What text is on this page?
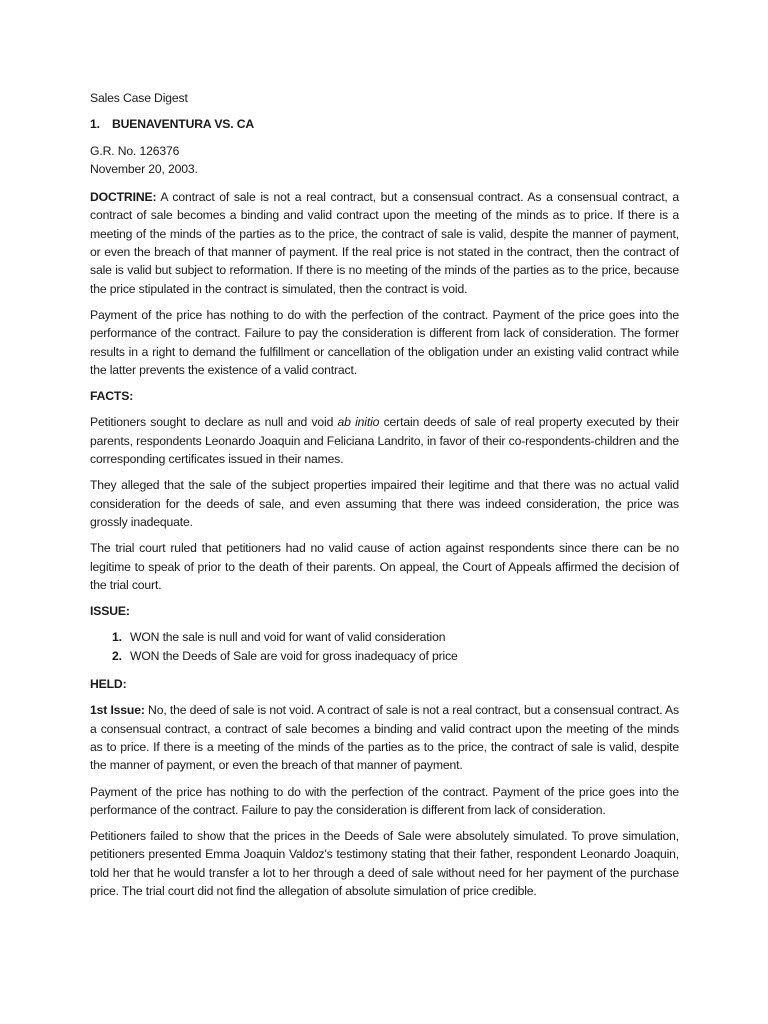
Sales Case Digest

1. BUENAVENTURA VS. CA

G.R. No. 126376

November 20, 2003.

DOCTRINE: A contract of sale is not a real contract, but a consensual contract. As a consensual contract, a contract of sale becomes a binding and valid contract upon the meeting of the minds as to price. If there is a meeting of the minds of the parties as to the price, the contract of sale is valid, despite the manner of payment, or even the breach of that manner of payment. If the real price is not stated in the contract, then the contract of sale is valid but subject to reformation. If there is no meeting of the minds of the parties as to the price, because the price stipulated in the contract is simulated, then the contract is void.

Payment of the price has nothing to do with the perfection of the contract. Payment of the price goes into the performance of the contract. Failure to pay the consideration is different from lack of consideration. The former results in a right to demand the fulfillment or cancellation of the obligation under an existing valid contract while the latter prevents the existence of a valid contract.

FACTS:

Petitioners sought to declare as null and void ab initio certain deeds of sale of real property executed by their parents, respondents Leonardo Joaquin and Feliciana Landrito, in favor of their co-respondents-children and the corresponding certificates issued in their names.

They alleged that the sale of the subject properties impaired their legitime and that there was no actual valid consideration for the deeds of sale, and even assuming that there was indeed consideration, the price was grossly inadequate.

The trial court ruled that petitioners had no valid cause of action against respondents since there can be no legitime to speak of prior to the death of their parents. On appeal, the Court of Appeals affirmed the decision of the trial court.

ISSUE:

1. WON the sale is null and void for want of valid consideration
2. WON the Deeds of Sale are void for gross inadequacy of price

HELD:

1st Issue: No, the deed of sale is not void. A contract of sale is not a real contract, but a consensual contract. As a consensual contract, a contract of sale becomes a binding and valid contract upon the meeting of the minds as to price. If there is a meeting of the minds of the parties as to the price, the contract of sale is valid, despite the manner of payment, or even the breach of that manner of payment.

Payment of the price has nothing to do with the perfection of the contract. Payment of the price goes into the performance of the contract. Failure to pay the consideration is different from lack of consideration.

Petitioners failed to show that the prices in the Deeds of Sale were absolutely simulated. To prove simulation, petitioners presented Emma Joaquin Valdoz's testimony stating that their father, respondent Leonardo Joaquin, told her that he would transfer a lot to her through a deed of sale without need for her payment of the purchase price. The trial court did not find the allegation of absolute simulation of price credible.
